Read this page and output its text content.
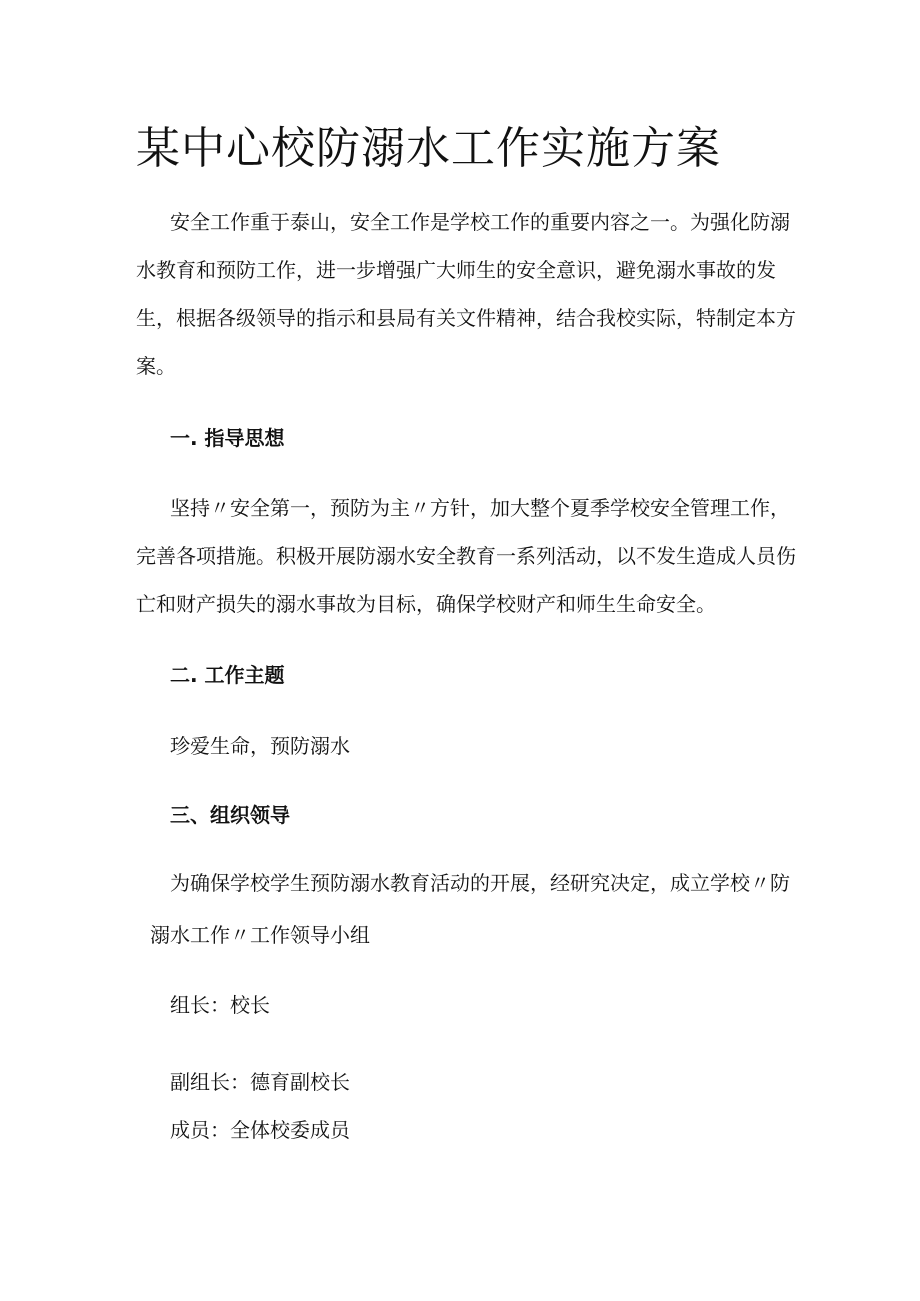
某中心校防溺水工作实施方案

安全工作重于泰山，安全工作是学校工作的重要内容之一。为强化防溺水教育和预防工作，进一步增强广大师生的安全意识，避免溺水事故的发生，根据各级领导的指示和县局有关文件精神，结合我校实际，特制定本方案。

一. 指导思想

坚持〃安全第一，预防为主〃方针，加大整个夏季学校安全管理工作，完善各项措施。积极开展防溺水安全教育一系列活动，以不发生造成人员伤亡和财产损失的溺水事故为目标，确保学校财产和师生生命安全。

二. 工作主题

珍爱生命，预防溺水

三、组织领导

为确保学校学生预防溺水教育活动的开展，经研究决定，成立学校〃防

溺水工作〃工作领导小组

组长：校长

副组长：德育副校长

成员：全体校委成员
